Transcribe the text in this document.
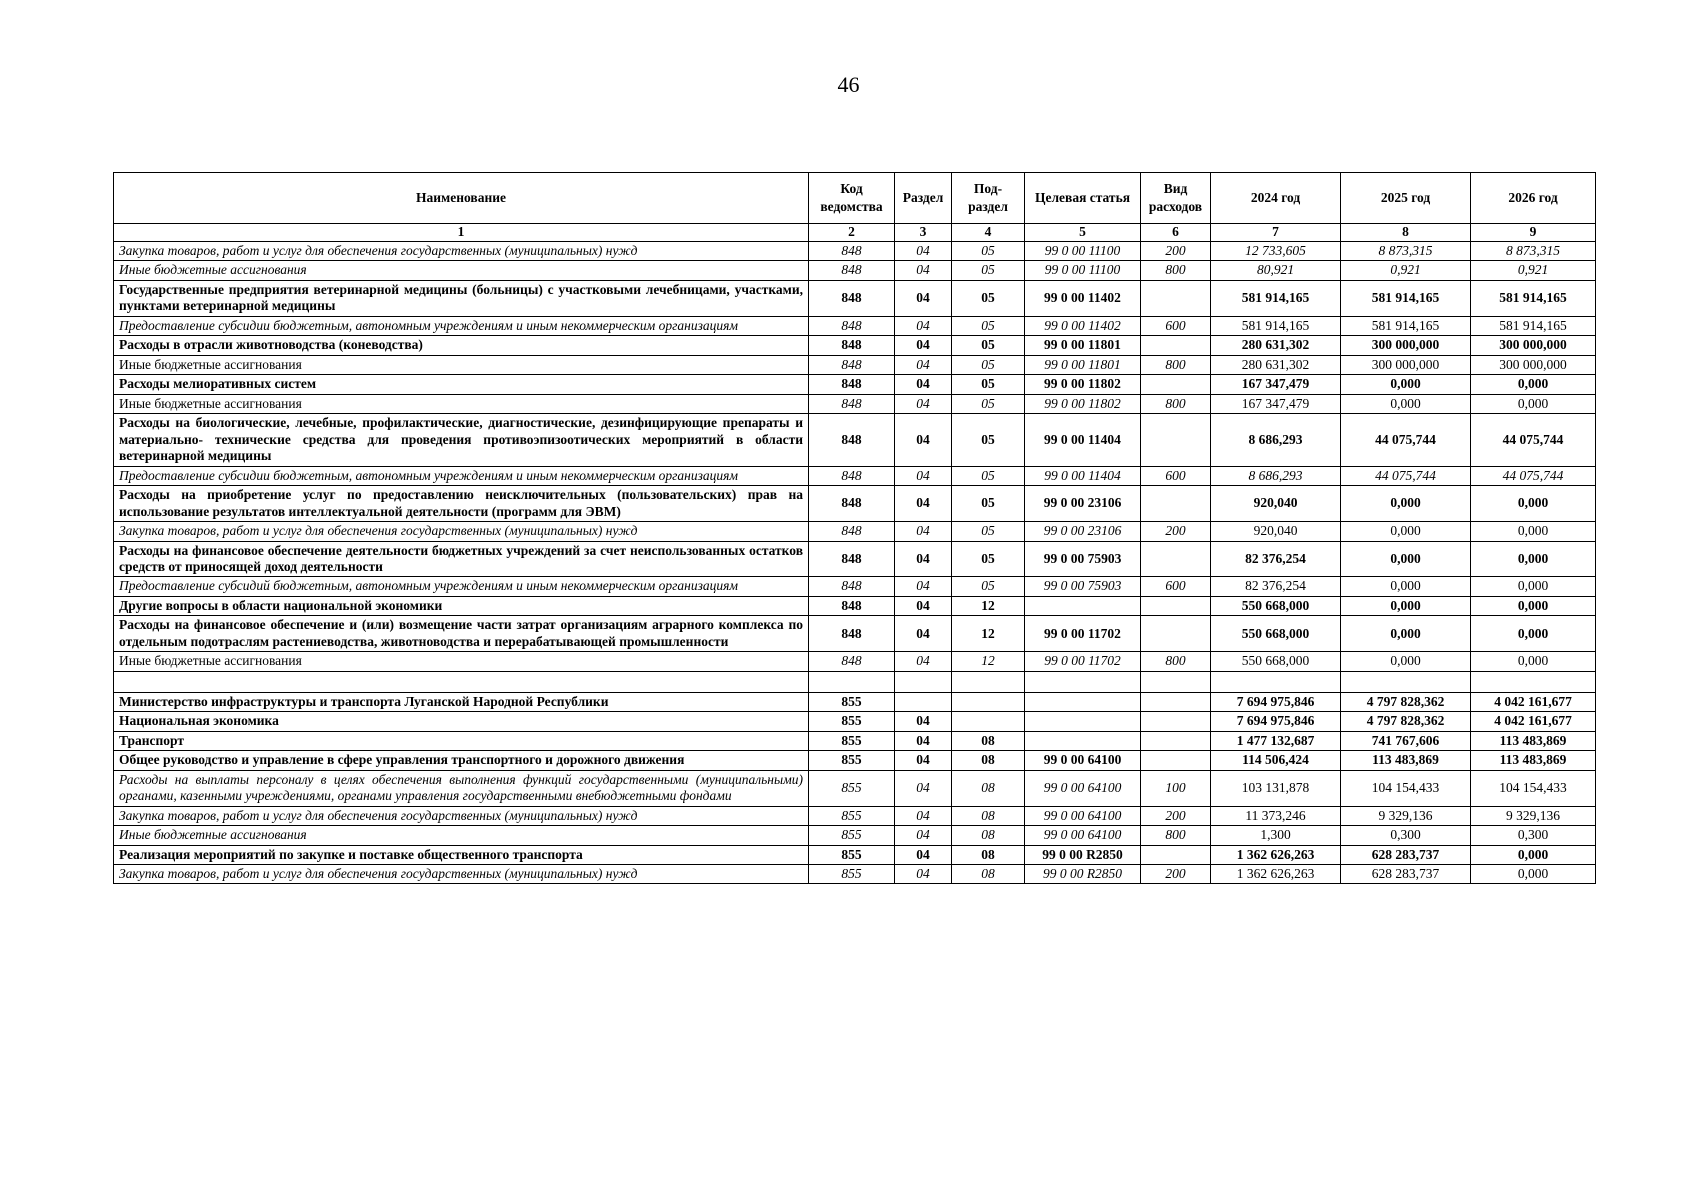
46
Наименование	Код ведомства	Раздел	Под-раздел	Целевая статья	Вид расходов	2024 год	2025 год	2026 год
1	2	3	4	5	6	7	8	9
Закупка товаров, работ и услуг для обеспечения государственных (муниципальных) нужд	848	04	05	99 0 00 11100	200	12 733,605	8 873,315	8 873,315
Иные бюджетные ассигнования	848	04	05	99 0 00 11100	800	80,921	0,921	0,921
Государственные предприятия ветеринарной медицины (больницы) с участковыми лечебницами, участками, пунктами ветеринарной медицины	848	04	05	99 0 00 11402		581 914,165	581 914,165	581 914,165
Предоставление субсидии бюджетным, автономным учреждениям и иным некоммерческим организациям	848	04	05	99 0 00 11402	600	581 914,165	581 914,165	581 914,165
Расходы в отрасли животноводства (коневодства)	848	04	05	99 0 00 11801		280 631,302	300 000,000	300 000,000
Иные бюджетные ассигнования	848	04	05	99 0 00 11801	800	280 631,302	300 000,000	300 000,000
Расходы мелиоративных систем	848	04	05	99 0 00 11802		167 347,479	0,000	0,000
Иные бюджетные ассигнования	848	04	05	99 0 00 11802	800	167 347,479	0,000	0,000
Расходы на биологические, лечебные, профилактические, диагностические, дезинфицирующие препараты и материально- технические средства для проведения противоэпизоотических мероприятий в области ветеринарной медицины	848	04	05	99 0 00 11404		8 686,293	44 075,744	44 075,744
Предоставление субсидии бюджетным, автономным учреждениям и иным некоммерческим организациям	848	04	05	99 0 00 11404	600	8 686,293	44 075,744	44 075,744
Расходы на приобретение услуг по предоставлению неисключительных (пользовательских) прав на использование результатов интеллектуальной деятельности (программ для ЭВМ)	848	04	05	99 0 00 23106		920,040	0,000	0,000
Закупка товаров, работ и услуг для обеспечения государственных (муниципальных) нужд	848	04	05	99 0 00 23106	200	920,040	0,000	0,000
Расходы на финансовое обеспечение деятельности бюджетных учреждений за счет неиспользованных остатков средств от приносящей доход деятельности	848	04	05	99 0 00 75903		82 376,254	0,000	0,000
Предоставление субсидий бюджетным, автономным учреждениям и иным некоммерческим организациям	848	04	05	99 0 00 75903	600	82 376,254	0,000	0,000
Другие вопросы в области национальной экономики	848	04	12			550 668,000	0,000	0,000
Расходы на финансовое обеспечение и (или) возмещение части затрат организациям аграрного комплекса по отдельным подотраслям растениеводства, животноводства и перерабатывающей промышленности	848	04	12	99 0 00 11702		550 668,000	0,000	0,000
Иные бюджетные ассигнования	848	04	12	99 0 00 11702	800	550 668,000	0,000	0,000

Министерство инфраструктуры и транспорта Луганской Народной Республики	855					7 694 975,846	4 797 828,362	4 042 161,677
Национальная экономика	855	04				7 694 975,846	4 797 828,362	4 042 161,677
Транспорт	855	04	08			1 477 132,687	741 767,606	113 483,869
Общее руководство и управление в сфере управления транспортного и дорожного движения	855	04	08	99 0 00 64100		114 506,424	113 483,869	113 483,869
Расходы на выплаты персоналу в целях обеспечения выполнения функций государственными (муниципальными) органами, казенными учреждениями, органами управления государственными внебюджетными фондами	855	04	08	99 0 00 64100	100	103 131,878	104 154,433	104 154,433
Закупка товаров, работ и услуг для обеспечения государственных (муниципальных) нужд	855	04	08	99 0 00 64100	200	11 373,246	9 329,136	9 329,136
Иные бюджетные ассигнования	855	04	08	99 0 00 64100	800	1,300	0,300	0,300
Реализация мероприятий по закупке и поставке общественного транспорта	855	04	08	99 0 00 R2850		1 362 626,263	628 283,737	0,000
Закупка товаров, работ и услуг для обеспечения государственных (муниципальных) нужд	855	04	08	99 0 00 R2850	200	1 362 626,263	628 283,737	0,000
